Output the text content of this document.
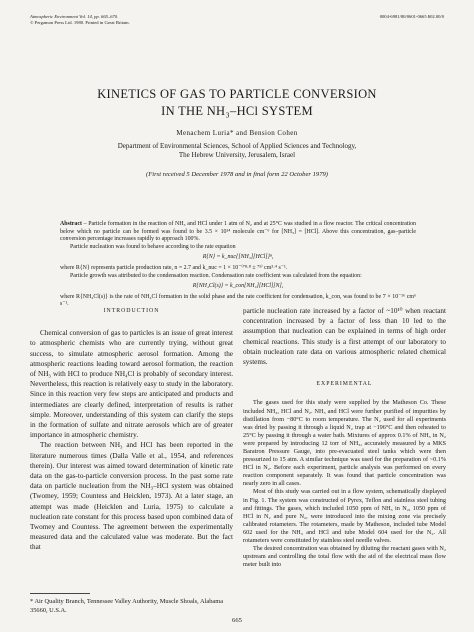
Atmospheric Environment Vol. 14, pp. 665–670.
© Pergamon Press Ltd. 1980. Printed in Great Britain.
0004-6981/80/0601-0665 $02.00/0
KINETICS OF GAS TO PARTICLE CONVERSION
IN THE NH₃–HCl SYSTEM
Menachem Luria* and Bension Cohen
Department of Environmental Sciences, School of Applied Sciences and Technology,
The Hebrew University, Jerusalem, Israel
(First received 5 December 1978 and in final form 22 October 1979)

Abstract – Particle formation in the reaction of NH₃ and HCl under 1 atm of N₂ and at 25°C was studied in a flow reactor. The critical concentration below which no particle can be formed was found to be 3.5 × 10¹⁴ molecule cm⁻⁶ for [NH₃] = [HCl]. Above this concentration, gas–particle conversion percentage increases rapidly to approach 100%.

Particle nucleation was found to behave according to the rate equation

R{N} = k_nuc{[NH₃][HCl]}ⁿ,

where R{N} represents particle production rate, n = 2.7 and k_nuc = 1 × 10⁻⁽⁷⁸·⁸ ± ⁷⁵⁾ cm³·⁴ s⁻¹.

Particle growth was attributed to the condensation reaction. Condensation rate coefficient was calculated from the equation:

R{NH₄Cl(s)} = k_con[NH₃][HCl][N],

where R{NH₄Cl(s)} is the rate of NH₄Cl formation in the solid phase and the rate coefficient for condensation, k_con, was found to be 7 × 10⁻¹⁶ cm⁶ s⁻¹.

INTRODUCTION

Chemical conversion of gas to particles is an issue of great interest to atmospheric chemists who are currently trying, without great success, to simulate atmospheric aerosol formation. Among the atmospheric reactions leading toward aerosol formation, the reaction of NH₃ with HCl to produce NH₄Cl is probably of secondary interest. Nevertheless, this reaction is relatively easy to study in the laboratory. Since in this reaction very few steps are anticipated and products and intermediates are clearly defined, interpretation of results is rather simple. Moreover, understanding of this system can clarify the steps in the formation of sulfate and nitrate aerosols which are of greater importance in atmospheric chemistry.

The reaction between NH₃ and HCl has been reported in the literature numerous times (Dalla Valle et al., 1954, and references therein). Our interest was aimed toward determination of kinetic rate data on the gas-to-particle conversion process. In the past some rate data on particle nucleation from the NH₃–HCl system was obtained (Twomey, 1959; Countess and Heicklen, 1973). At a later stage, an attempt was made (Heicklen and Luria, 1975) to calculate a nucleation rate constant for this process based upon combined data of Twomey and Countess. The agreement between the experimentally measured data and the calculated value was moderate. But the fact that

particle nucleation rate increased by a factor of ~10¹⁰ when reactant concentration increased by a factor of less than 10 led to the assumption that nucleation can be explained in terms of high order chemical reactions. This study is a first attempt of our laboratory to obtain nucleation rate data on various atmospheric related chemical systems.

EXPERIMENTAL

The gases used for this study were supplied by the Matheson Co. These included NH₃, HCl and N₂. NH₃ and HCl were further purified of impurities by distillation from −80°C to room temperature. The N₂ used for all experiments was dried by passing it through a liquid N₂ trap at −196°C and then reheated to 25°C by passing it through a water bath. Mixtures of approx 0.1% of NH₃ in N₂ were prepared by introducing 12 torr of NH₃, accurately measured by a MKS Baratron Pressure Gauge, into pre-evacuated steel tanks which were then pressurized to 15 atm. A similar technique was used for the preparation of ~0.1% HCl in N₂. Before each experiment, particle analysis was performed on every reaction component separately. It was found that particle concentration was nearly zero in all cases.

Most of this study was carried out in a flow system, schematically displayed in Fig. 1. The system was constructed of Pyrex, Teflon and stainless steel tubing and fittings. The gases, which included 1050 ppm of NH₃ in N₂, 1050 ppm of HCl in N₂ and pure N₂, were introduced into the mixing zone via precisely calibrated rotameters. The rotameters, made by Matheson, included tube Model 602 used for the NH₃ and HCl and tube Model 604 used for the N₂. All rotameters were constituted by stainless steel needle valves.

The desired concentration was obtained by diluting the reactant gases with N₂ upstream and controlling the total flow with the aid of the electrical mass flow meter built into

* Air Quality Branch, Tennessee Valley Authority, Muscle Shoals, Alabama 35660, U.S.A.
665
